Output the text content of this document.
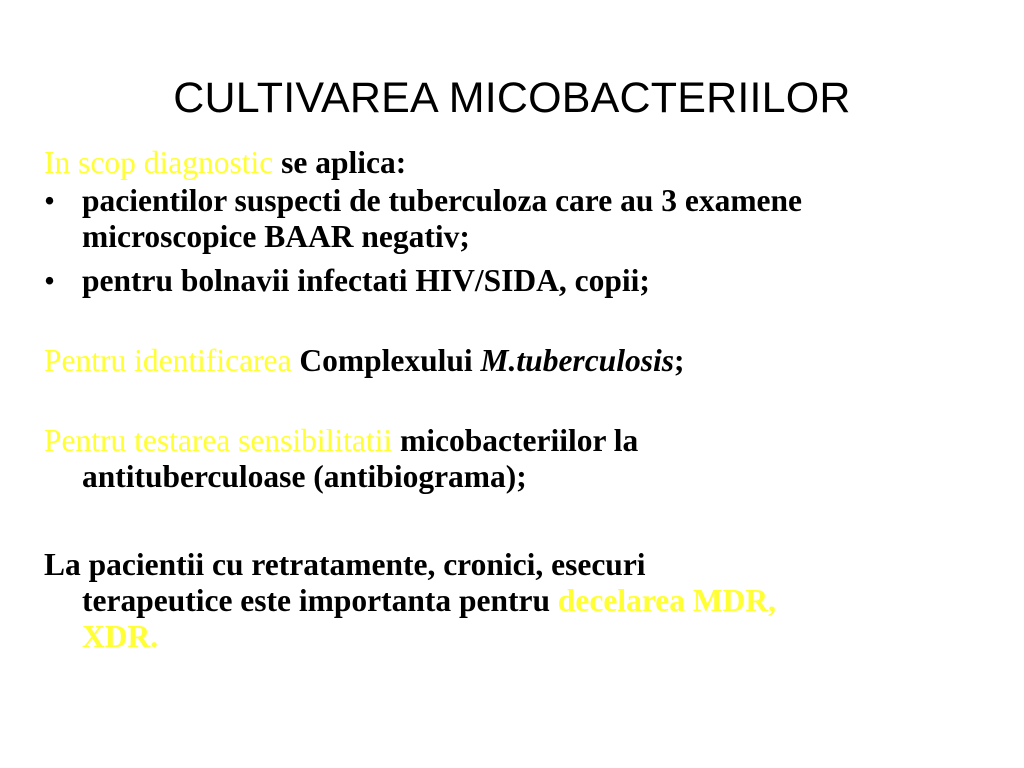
CULTIVAREA MICOBACTERIILOR

In scop diagnostic se aplica:

• pacientilor suspecti de tuberculoza care au 3 examene
microscopice BAAR negativ;
• pentru bolnavii infectati HIV/SIDA, copii;

Pentru identificarea Complexului M.tuberculosis;

Pentru testarea sensibilitatii micobacteriilor la
antituberculoase (antibiograma);

La pacientii cu retratamente, cronici, esecuri
terapeutice este importanta pentru decelarea MDR,
XDR.
